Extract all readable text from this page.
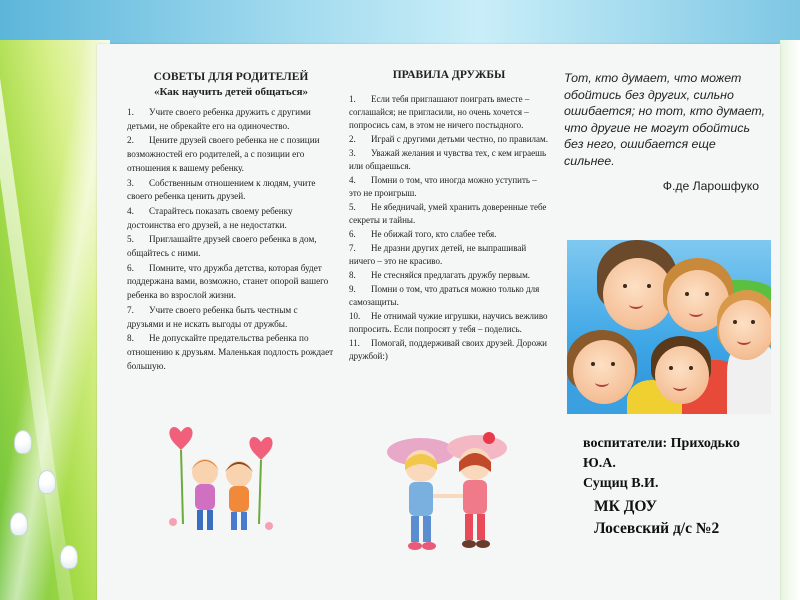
СОВЕТЫ ДЛЯ РОДИТЕЛЕЙ

«Как научить детей общаться»

1. Учите своего ребенка дружить с другими детьми, не обрекайте его на одиночество.

2. Цените друзей своего ребенка не с позиции возможностей его родителей, а с позиции его отношения к вашему ребенку.

3. Собственным отношением к людям, учите своего ребенка ценить друзей.

4. Старайтесь показать своему ребенку достоинства его друзей, а не недостатки.

5. Приглашайте друзей своего ребенка в дом, общайтесь с ними.

6. Помните, что дружба детства, которая будет поддержана вами, возможно, станет опорой вашего ребенка во взрослой жизни.

7. Учите своего ребенка быть честным с друзьями и не искать выгоды от дружбы.

8. Не допускайте предательства ребенка по отношению к друзьям. Маленькая подлость рождает большую.

ПРАВИЛА ДРУЖБЫ

1. Если тебя приглашают поиграть вместе – соглашайся; не пригласили, но очень хочется – попросись сам, в этом не ничего постыдного.

2. Играй с другими детьми честно, по правилам.

3. Уважай желания и чувства тех, с кем играешь или общаешься.

4. Помни о том, что иногда можно уступить – это не проигрыш.

5. Не ябедничай, умей хранить доверенные тебе секреты и тайны.

6. Не обижай того, кто слабее тебя.

7. Не дразни других детей, не выпрашивай ничего – это не красиво.

8. Не стесняйся предлагать дружбу первым.

9. Помни о том, что драться можно только для самозащиты.

10. Не отнимай чужие игрушки, научись вежливо попросить. Если попросят у тебя – поделись.

11. Помогай, поддерживай своих друзей. Дорожи дружбой:)

Тот, кто думает, что может обойтись без других, сильно ошибается; но тот, кто думает, что другие не могут обойтись без него, ошибается еще сильнее.

Ф.де Ларошфуко

воспитатели: Приходько Ю.А.
Сущиц В.И.
МК ДОУ
Лосевский д/с №2
